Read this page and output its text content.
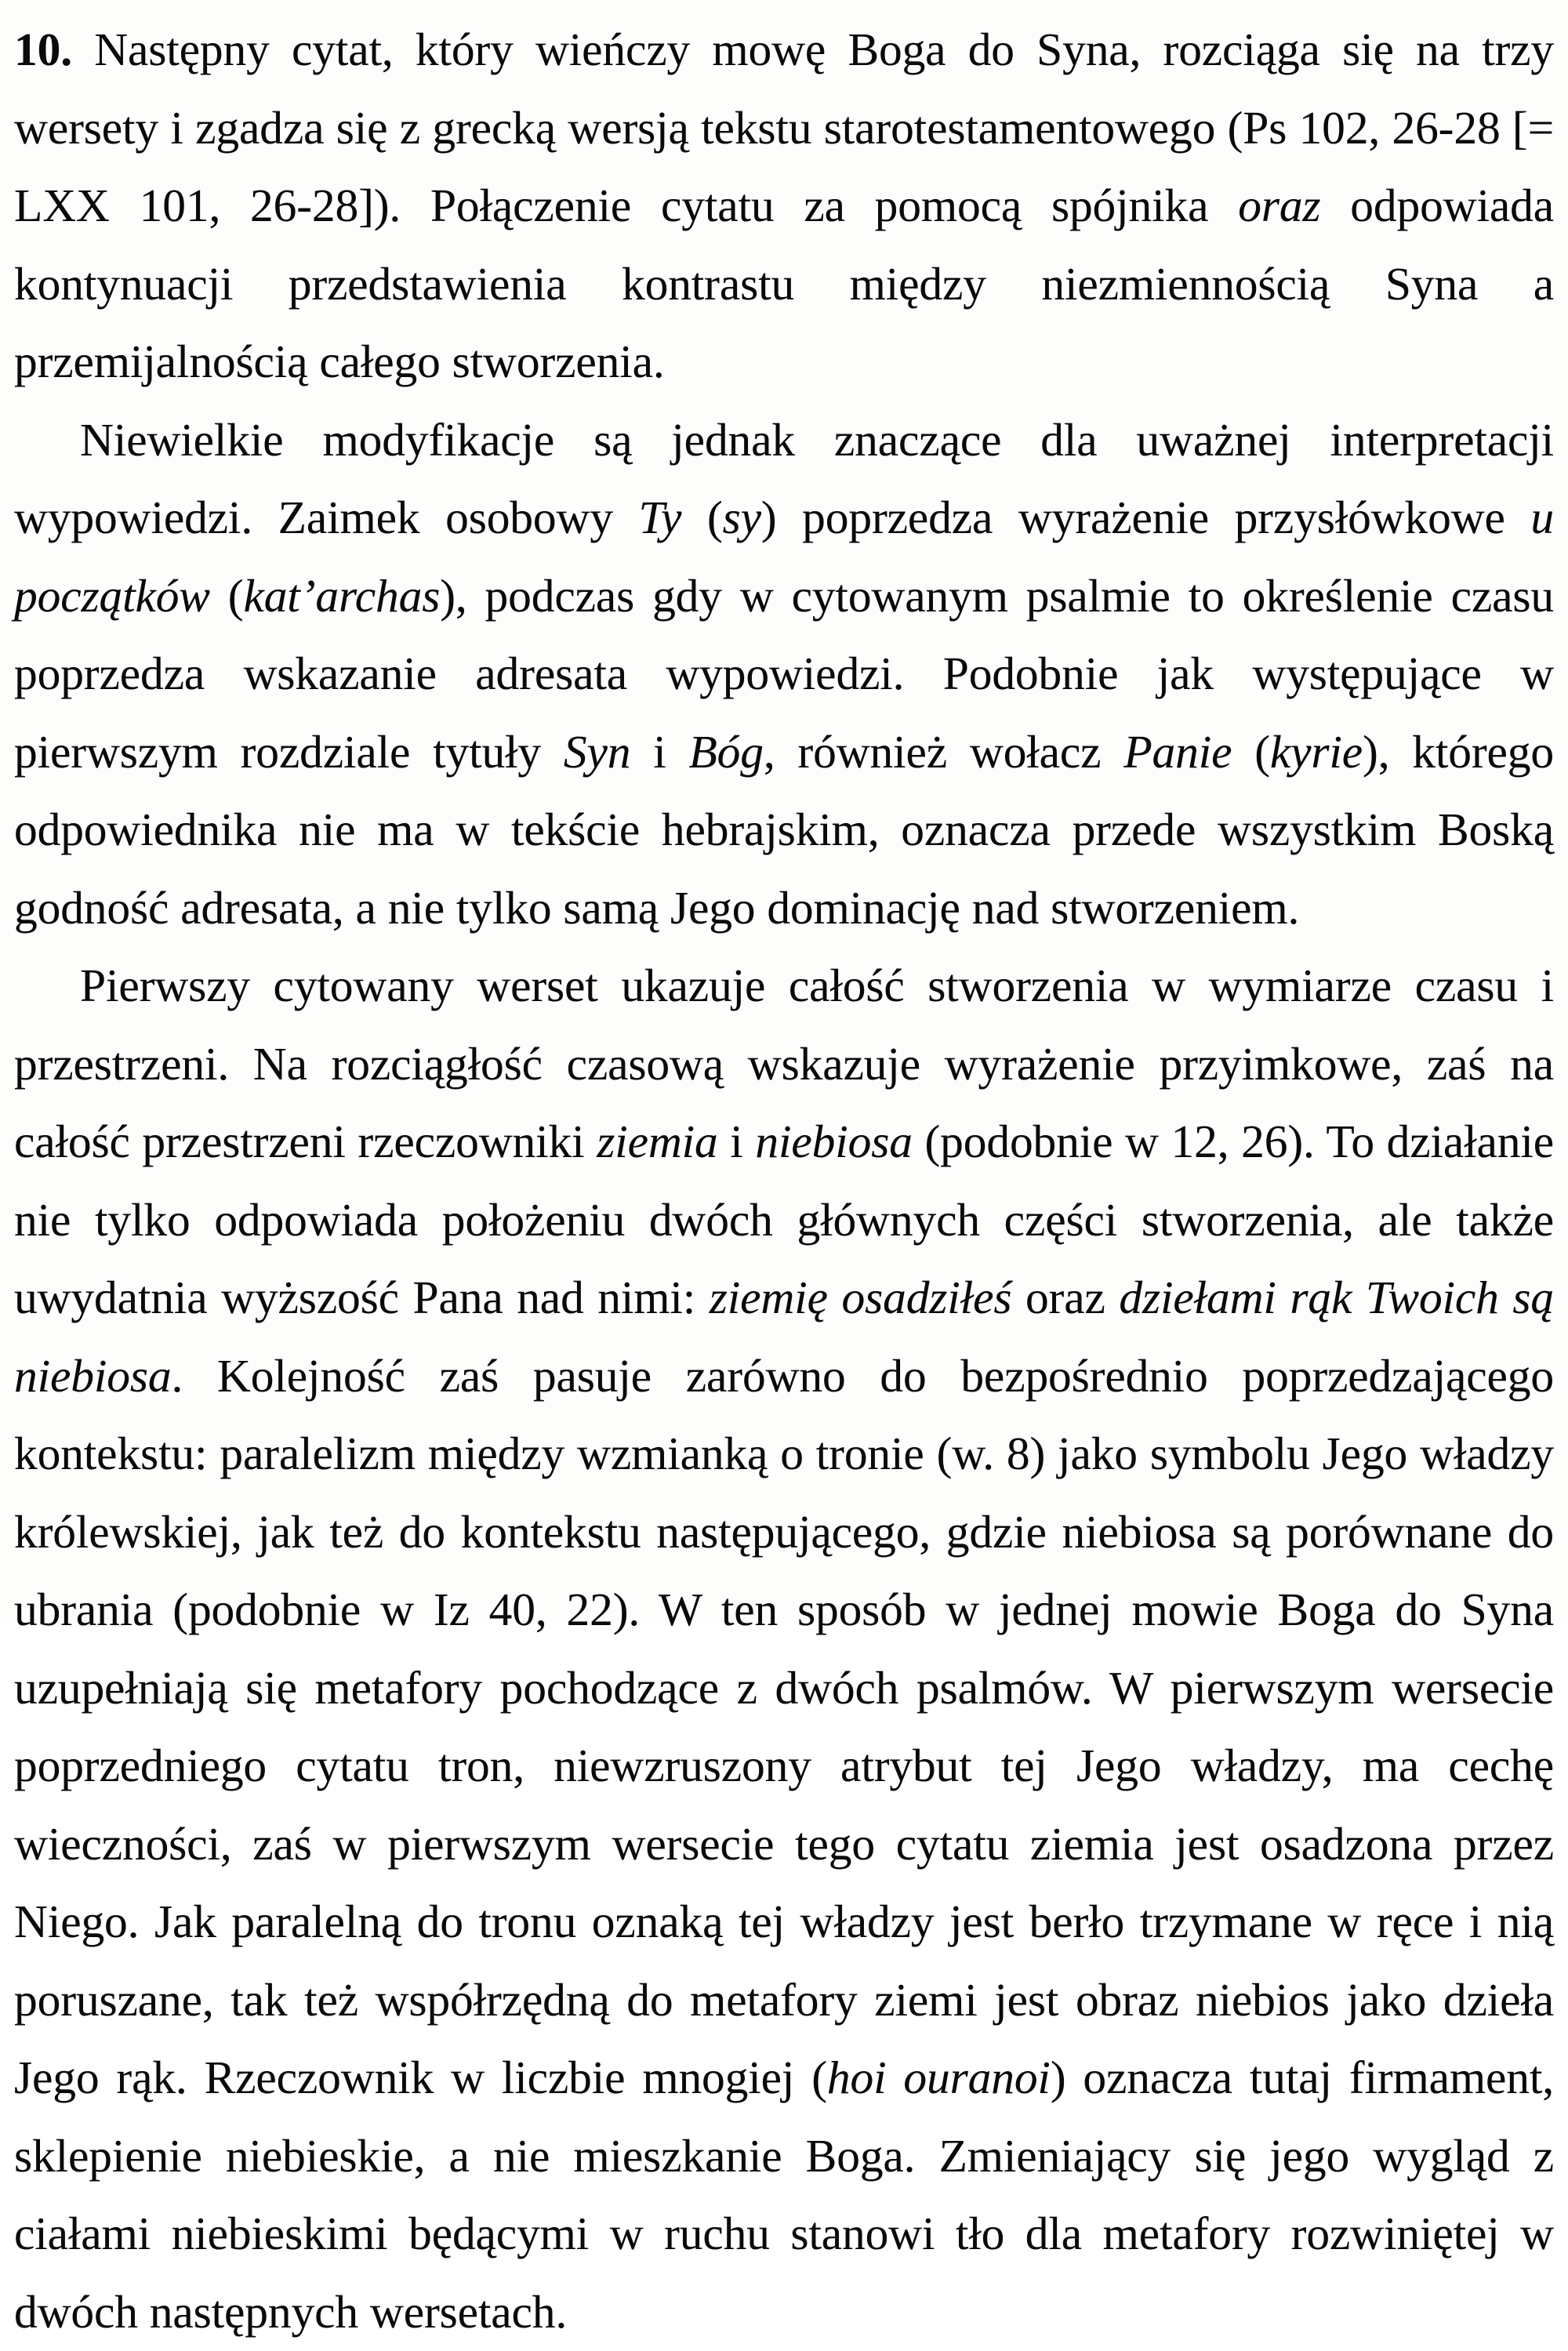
10. Następny cytat, który wieńczy mowę Boga do Syna, rozciąga się na trzy wersety i zgadza się z grecką wersją tekstu starotestamentowego (Ps 102, 26-28 [= LXX 101, 26-28]). Połączenie cytatu za pomocą spójnika oraz odpowiada kontynuacji przedstawienia kontrastu między niezmiennością Syna a przemijalnością całego stworzenia.

Niewielkie modyfikacje są jednak znaczące dla uważnej interpretacji wypowiedzi. Zaimek osobowy Ty (sy) poprzedza wyrażenie przysłówkowe u początków (kat’archas), podczas gdy w cytowanym psalmie to określenie czasu poprzedza wskazanie adresata wypowiedzi. Podobnie jak występujące w pierwszym rozdziale tytuły Syn i Bóg, również wołacz Panie (kyrie), którego odpowiednika nie ma w tekście hebrajskim, oznacza przede wszystkim Boską godność adresata, a nie tylko samą Jego dominację nad stworzeniem.

Pierwszy cytowany werset ukazuje całość stworzenia w wymiarze czasu i przestrzeni. Na rozciągłość czasową wskazuje wyrażenie przyimkowe, zaś na całość przestrzeni rzeczowniki ziemia i niebiosa (podobnie w 12, 26). To działanie nie tylko odpowiada położeniu dwóch głównych części stworzenia, ale także uwydatnia wyższość Pana nad nimi: ziemię osadziłeś oraz dziełami rąk Twoich są niebiosa. Kolejność zaś pasuje zarówno do bezpośrednio poprzedzającego kontekstu: paralelizm między wzmianką o tronie (w. 8) jako symbolu Jego władzy królewskiej, jak też do kontekstu następującego, gdzie niebiosa są porównane do ubrania (podobnie w Iz 40, 22). W ten sposób w jednej mowie Boga do Syna uzupełniają się metafory pochodzące z dwóch psalmów. W pierwszym wersecie poprzedniego cytatu tron, niewzruszony atrybut tej Jego władzy, ma cechę wieczności, zaś w pierwszym wersecie tego cytatu ziemia jest osadzona przez Niego. Jak paralelną do tronu oznaką tej władzy jest berło trzymane w ręce i nią poruszane, tak też współrzędną do metafory ziemi jest obraz niebios jako dzieła Jego rąk. Rzeczownik w liczbie mnogiej (hoi ouranoi) oznacza tutaj firmament, sklepienie niebieskie, a nie mieszkanie Boga. Zmieniający się jego wygląd z ciałami niebieskimi będącymi w ruchu stanowi tło dla metafory rozwiniętej w dwóch następnych wersetach.
